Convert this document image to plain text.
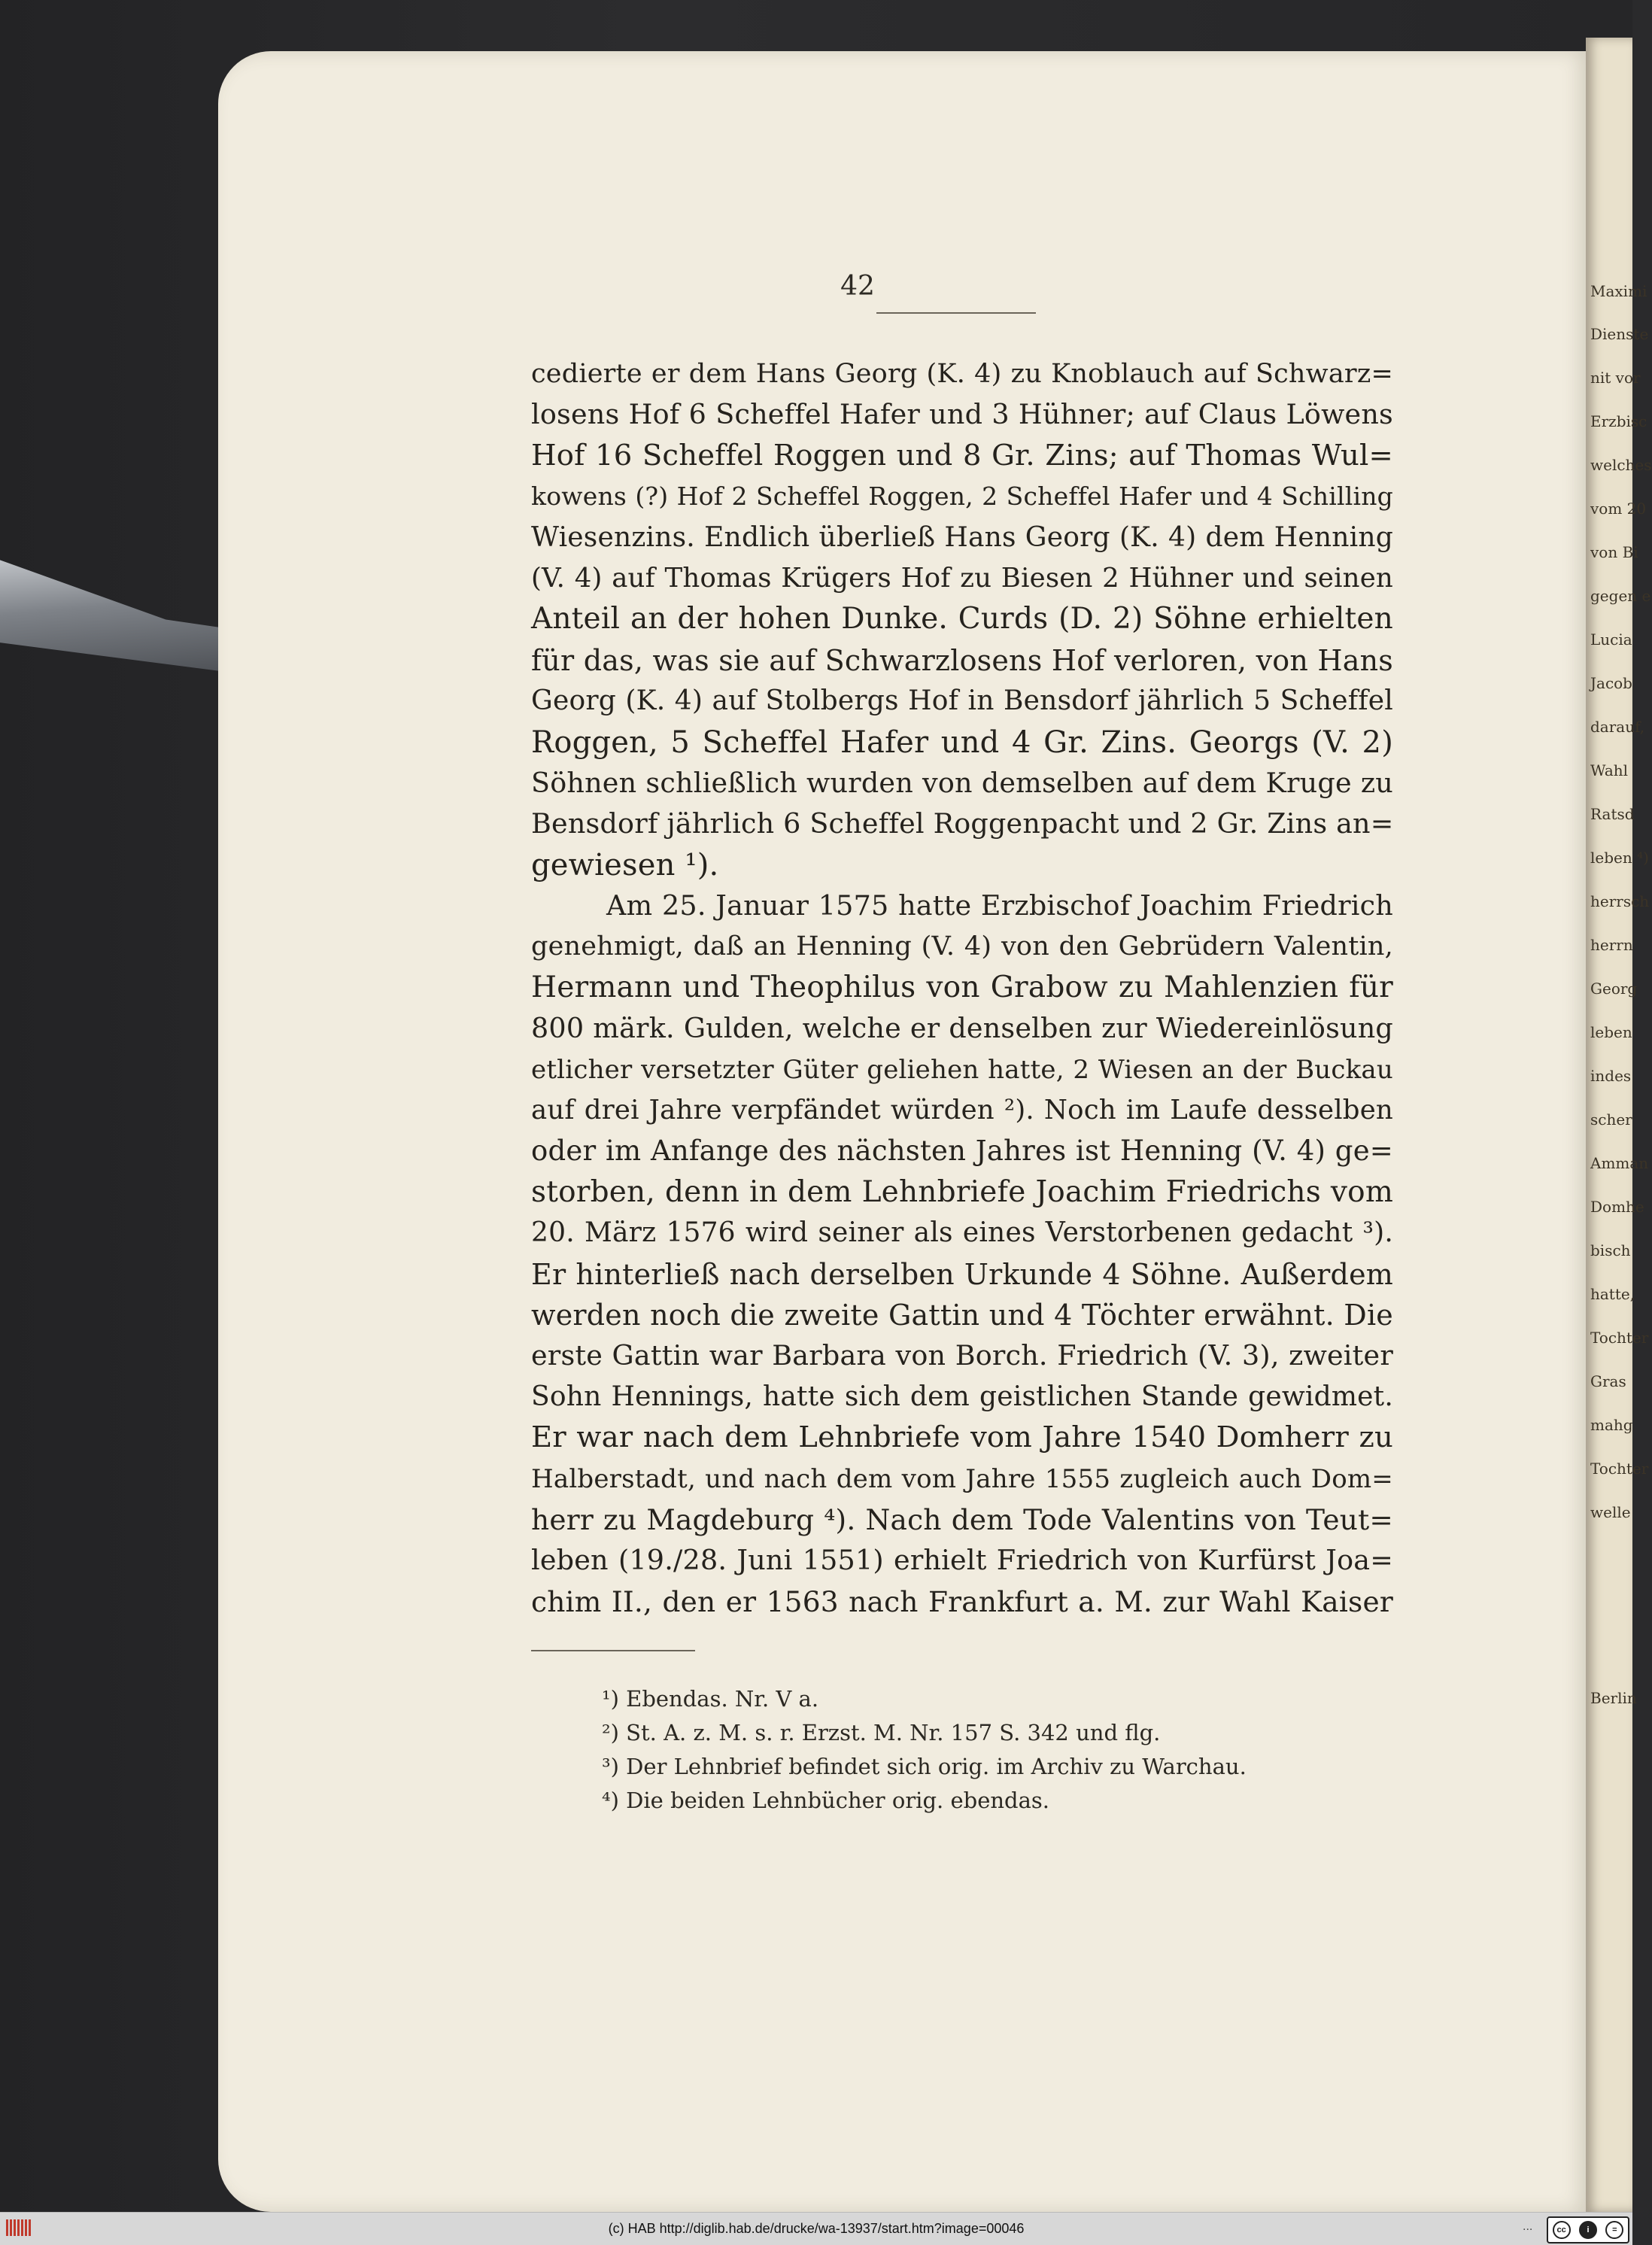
Maximi
Dienste
nit vor
Erzbisc
welches
vom 20
von Bi
gegen e
Lucia
Jacob
darauf,
Wahl
Ratsd
leben ⁴)
herrsch
herrn
Georg
leben
indes
scher
Amman
Domhe
bisch
hatte,
Tochter
Gras
mahg
Tochter
welle
Berlin
42
cedierte er dem Hans Georg (K. 4) zu Knoblauch auf Schwarz=
losens Hof 6 Scheffel Hafer und 3 Hühner; auf Claus Löwens
Hof 16 Scheffel Roggen und 8 Gr. Zins; auf Thomas Wul=
kowens (?) Hof 2 Scheffel Roggen, 2 Scheffel Hafer und 4 Schilling
Wiesenzins. Endlich überließ Hans Georg (K. 4) dem Henning
(V. 4) auf Thomas Krügers Hof zu Biesen 2 Hühner und seinen
Anteil an der hohen Dunke. Curds (D. 2) Söhne erhielten
für das, was sie auf Schwarzlosens Hof verloren, von Hans
Georg (K. 4) auf Stolbergs Hof in Bensdorf jährlich 5 Scheffel
Roggen, 5 Scheffel Hafer und 4 Gr. Zins. Georgs (V. 2)
Söhnen schließlich wurden von demselben auf dem Kruge zu
Bensdorf jährlich 6 Scheffel Roggenpacht und 2 Gr. Zins an=
gewiesen ¹).
Am 25. Januar 1575 hatte Erzbischof Joachim Friedrich
genehmigt, daß an Henning (V. 4) von den Gebrüdern Valentin,
Hermann und Theophilus von Grabow zu Mahlenzien für
800 märk. Gulden, welche er denselben zur Wiedereinlösung
etlicher versetzter Güter geliehen hatte, 2 Wiesen an der Buckau
auf drei Jahre verpfändet würden ²). Noch im Laufe desselben
oder im Anfange des nächsten Jahres ist Henning (V. 4) ge=
storben, denn in dem Lehnbriefe Joachim Friedrichs vom
20. März 1576 wird seiner als eines Verstorbenen gedacht ³).
Er hinterließ nach derselben Urkunde 4 Söhne. Außerdem
werden noch die zweite Gattin und 4 Töchter erwähnt. Die
erste Gattin war Barbara von Borch. Friedrich (V. 3), zweiter
Sohn Hennings, hatte sich dem geistlichen Stande gewidmet.
Er war nach dem Lehnbriefe vom Jahre 1540 Domherr zu
Halberstadt, und nach dem vom Jahre 1555 zugleich auch Dom=
herr zu Magdeburg ⁴). Nach dem Tode Valentins von Teut=
leben (19./28. Juni 1551) erhielt Friedrich von Kurfürst Joa=
chim II., den er 1563 nach Frankfurt a. M. zur Wahl Kaiser
¹) Ebendas. Nr. V a.
²) St. A. z. M. s. r. Erzst. M. Nr. 157 S. 342 und flg.
³) Der Lehnbrief befindet sich orig. im Archiv zu Warchau.
⁴) Die beiden Lehnbücher orig. ebendas.
(c) HAB http://diglib.hab.de/drucke/wa-13937/start.htm?image=00046	...	cc	i	=
